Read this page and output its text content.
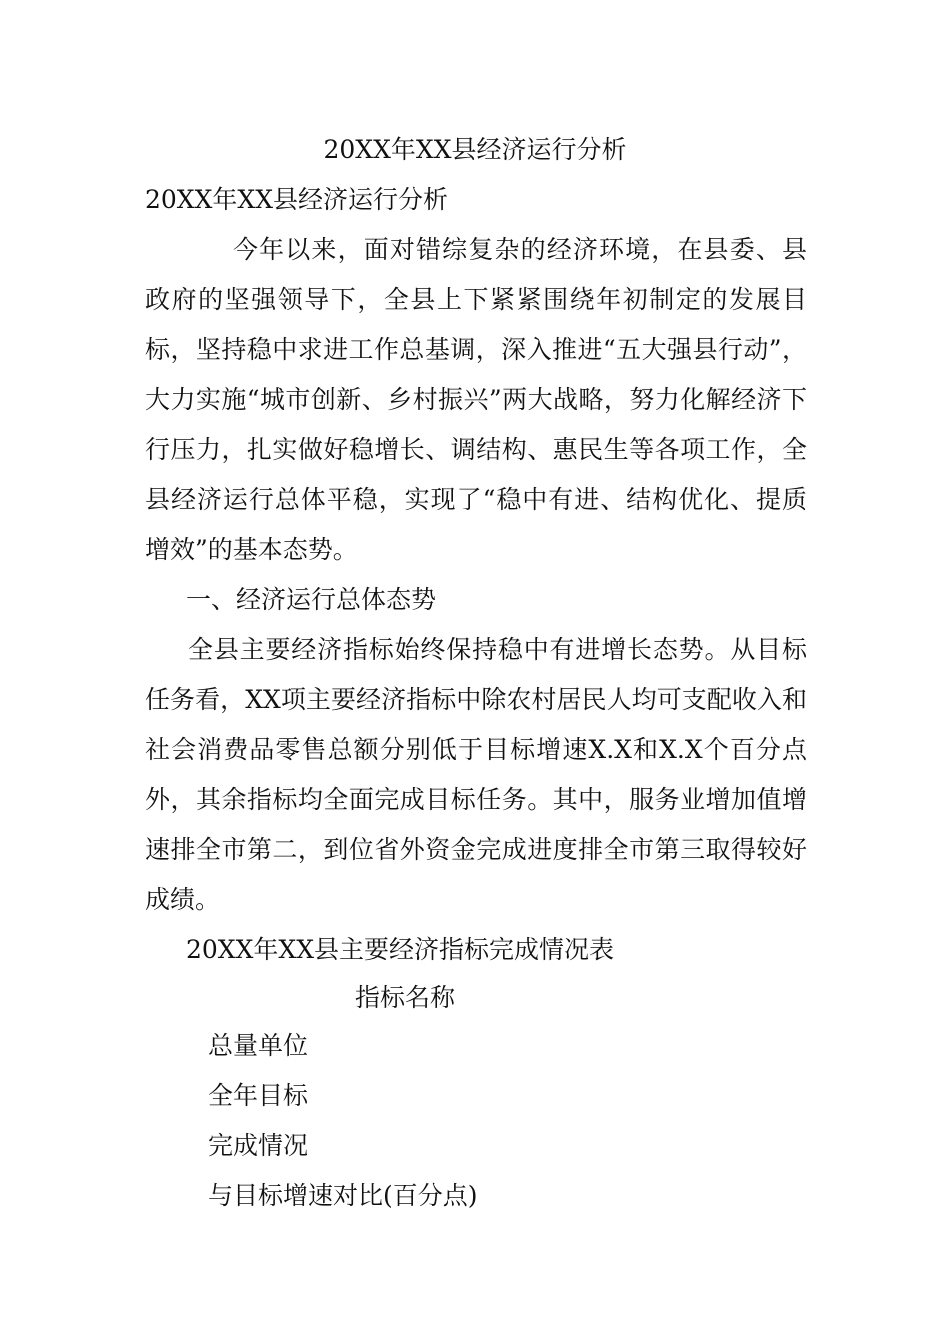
20XX年XX县经济运行分析
20XX年XX县经济运行分析

今年以来，面对错综复杂的经济环境，在县委、县政府的坚强领导下，全县上下紧紧围绕年初制定的发展目标，坚持稳中求进工作总基调，深入推进“五大强县行动”，大力实施“城市创新、乡村振兴”两大战略，努力化解经济下行压力，扎实做好稳增长、调结构、惠民生等各项工作，全县经济运行总体平稳，实现了“稳中有进、结构优化、提质增效”的基本态势。

一、经济运行总体态势

全县主要经济指标始终保持稳中有进增长态势。从目标任务看，XX项主要经济指标中除农村居民人均可支配收入和社会消费品零售总额分别低于目标增速X.X和X.X个百分点外，其余指标均全面完成目标任务。其中，服务业增加值增速排全市第二，到位省外资金完成进度排全市第三取得较好成绩。

20XX年XX县主要经济指标完成情况表
指标名称
总量单位
全年目标
完成情况
与目标增速对比(百分点)
